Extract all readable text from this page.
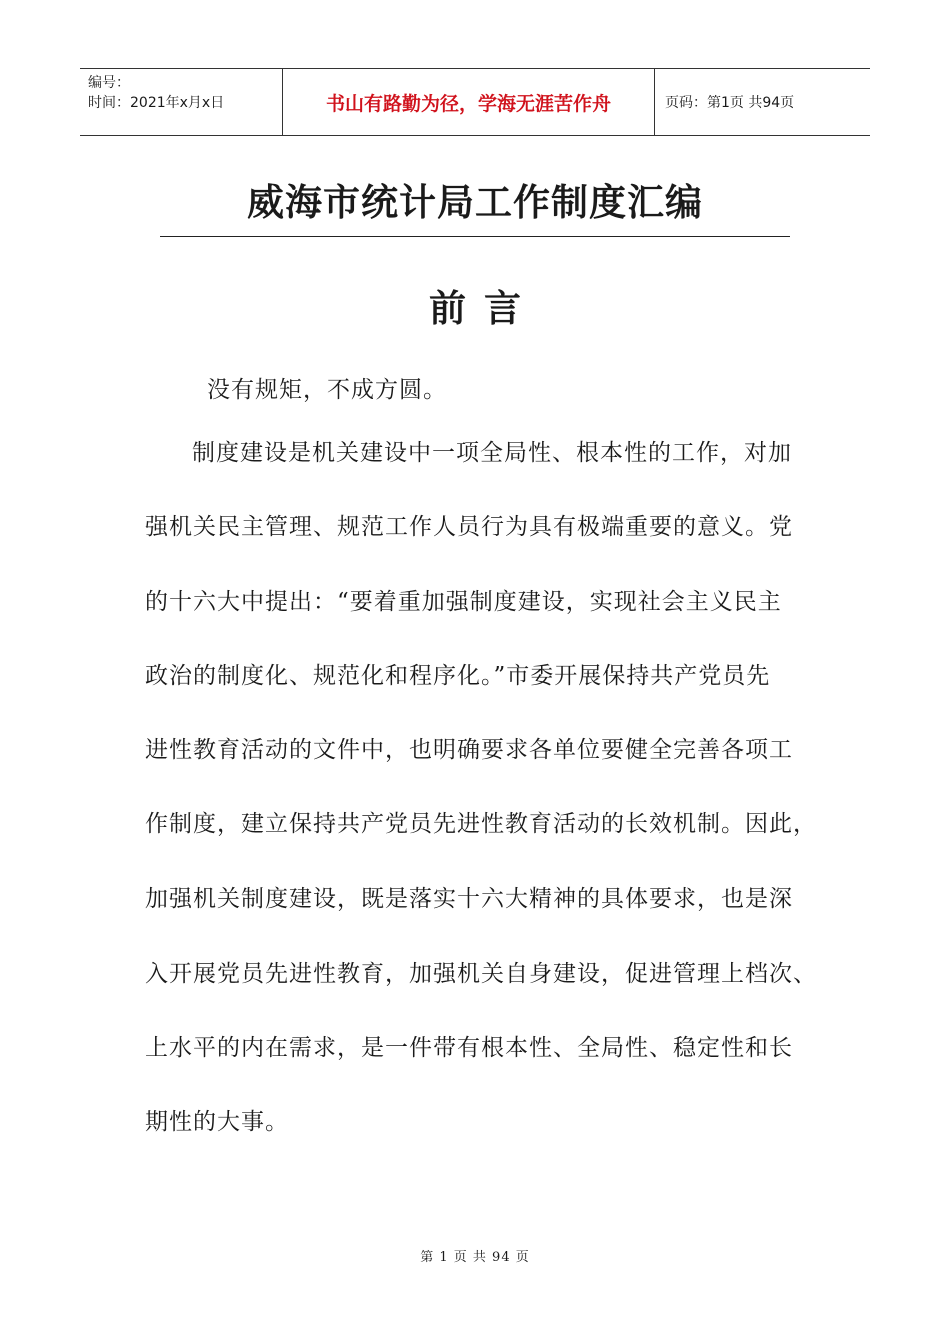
编号：
时间：2021年x月x日	书山有路勤为径，学海无涯苦作舟	页码：第1页 共94页
威海市统计局工作制度汇编
前言

没有规矩，不成方圆。

制度建设是机关建设中一项全局性、根本性的工作，对加

强机关民主管理、规范工作人员行为具有极端重要的意义。党

的十六大中提出：“要着重加强制度建设，实现社会主义民主

政治的制度化、规范化和程序化。”市委开展保持共产党员先

进性教育活动的文件中，也明确要求各单位要健全完善各项工

作制度，建立保持共产党员先进性教育活动的长效机制。因此，

加强机关制度建设，既是落实十六大精神的具体要求，也是深

入开展党员先进性教育，加强机关自身建设，促进管理上档次、

上水平的内在需求，是一件带有根本性、全局性、稳定性和长

期性的大事。

第 1 页 共 94 页
